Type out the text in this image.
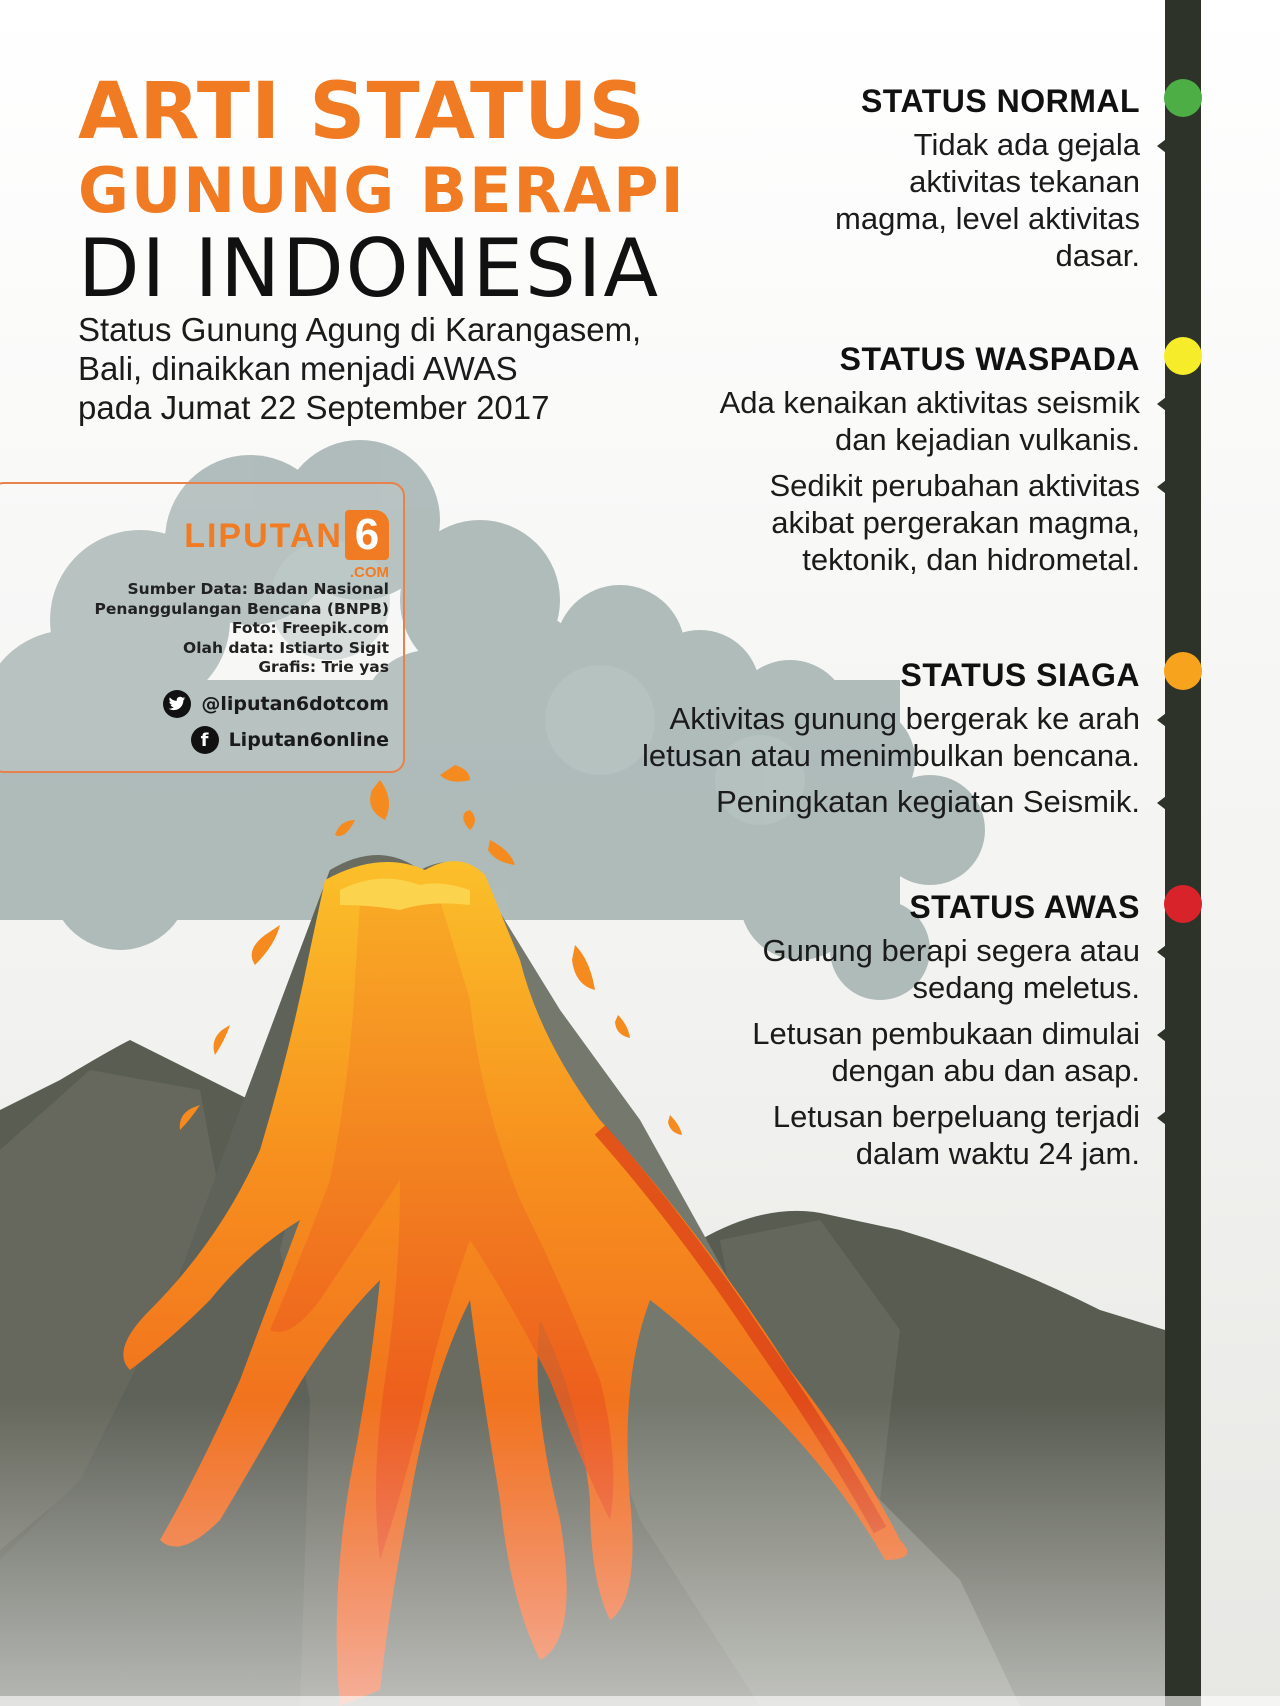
ARTI STATUS
GUNUNG BERAPI
DI INDONESIA
Status Gunung Agung di Karangasem,
Bali, dinaikkan menjadi AWAS
pada Jumat 22 September 2017
LIPUTAN 6
.COM
Sumber Data: Badan Nasional
Penanggulangan Bencana (BNPB)
Foto: Freepik.com
Olah data: Istiarto Sigit
Grafis: Trie yas
@liputan6dotcom
f	Liputan6online
STATUS NORMAL
Tidak ada gejala
aktivitas tekanan
magma, level aktivitas
dasar.
STATUS WASPADA
Ada kenaikan aktivitas seismik
dan kejadian vulkanis.
Sedikit perubahan aktivitas
akibat pergerakan magma,
tektonik, dan hidrometal.
STATUS SIAGA
Aktivitas gunung bergerak ke arah
letusan atau menimbulkan bencana.
Peningkatan kegiatan Seismik.
STATUS AWAS
Gunung berapi segera atau
sedang meletus.
Letusan pembukaan dimulai
dengan abu dan asap.
Letusan berpeluang terjadi
dalam waktu 24 jam.
